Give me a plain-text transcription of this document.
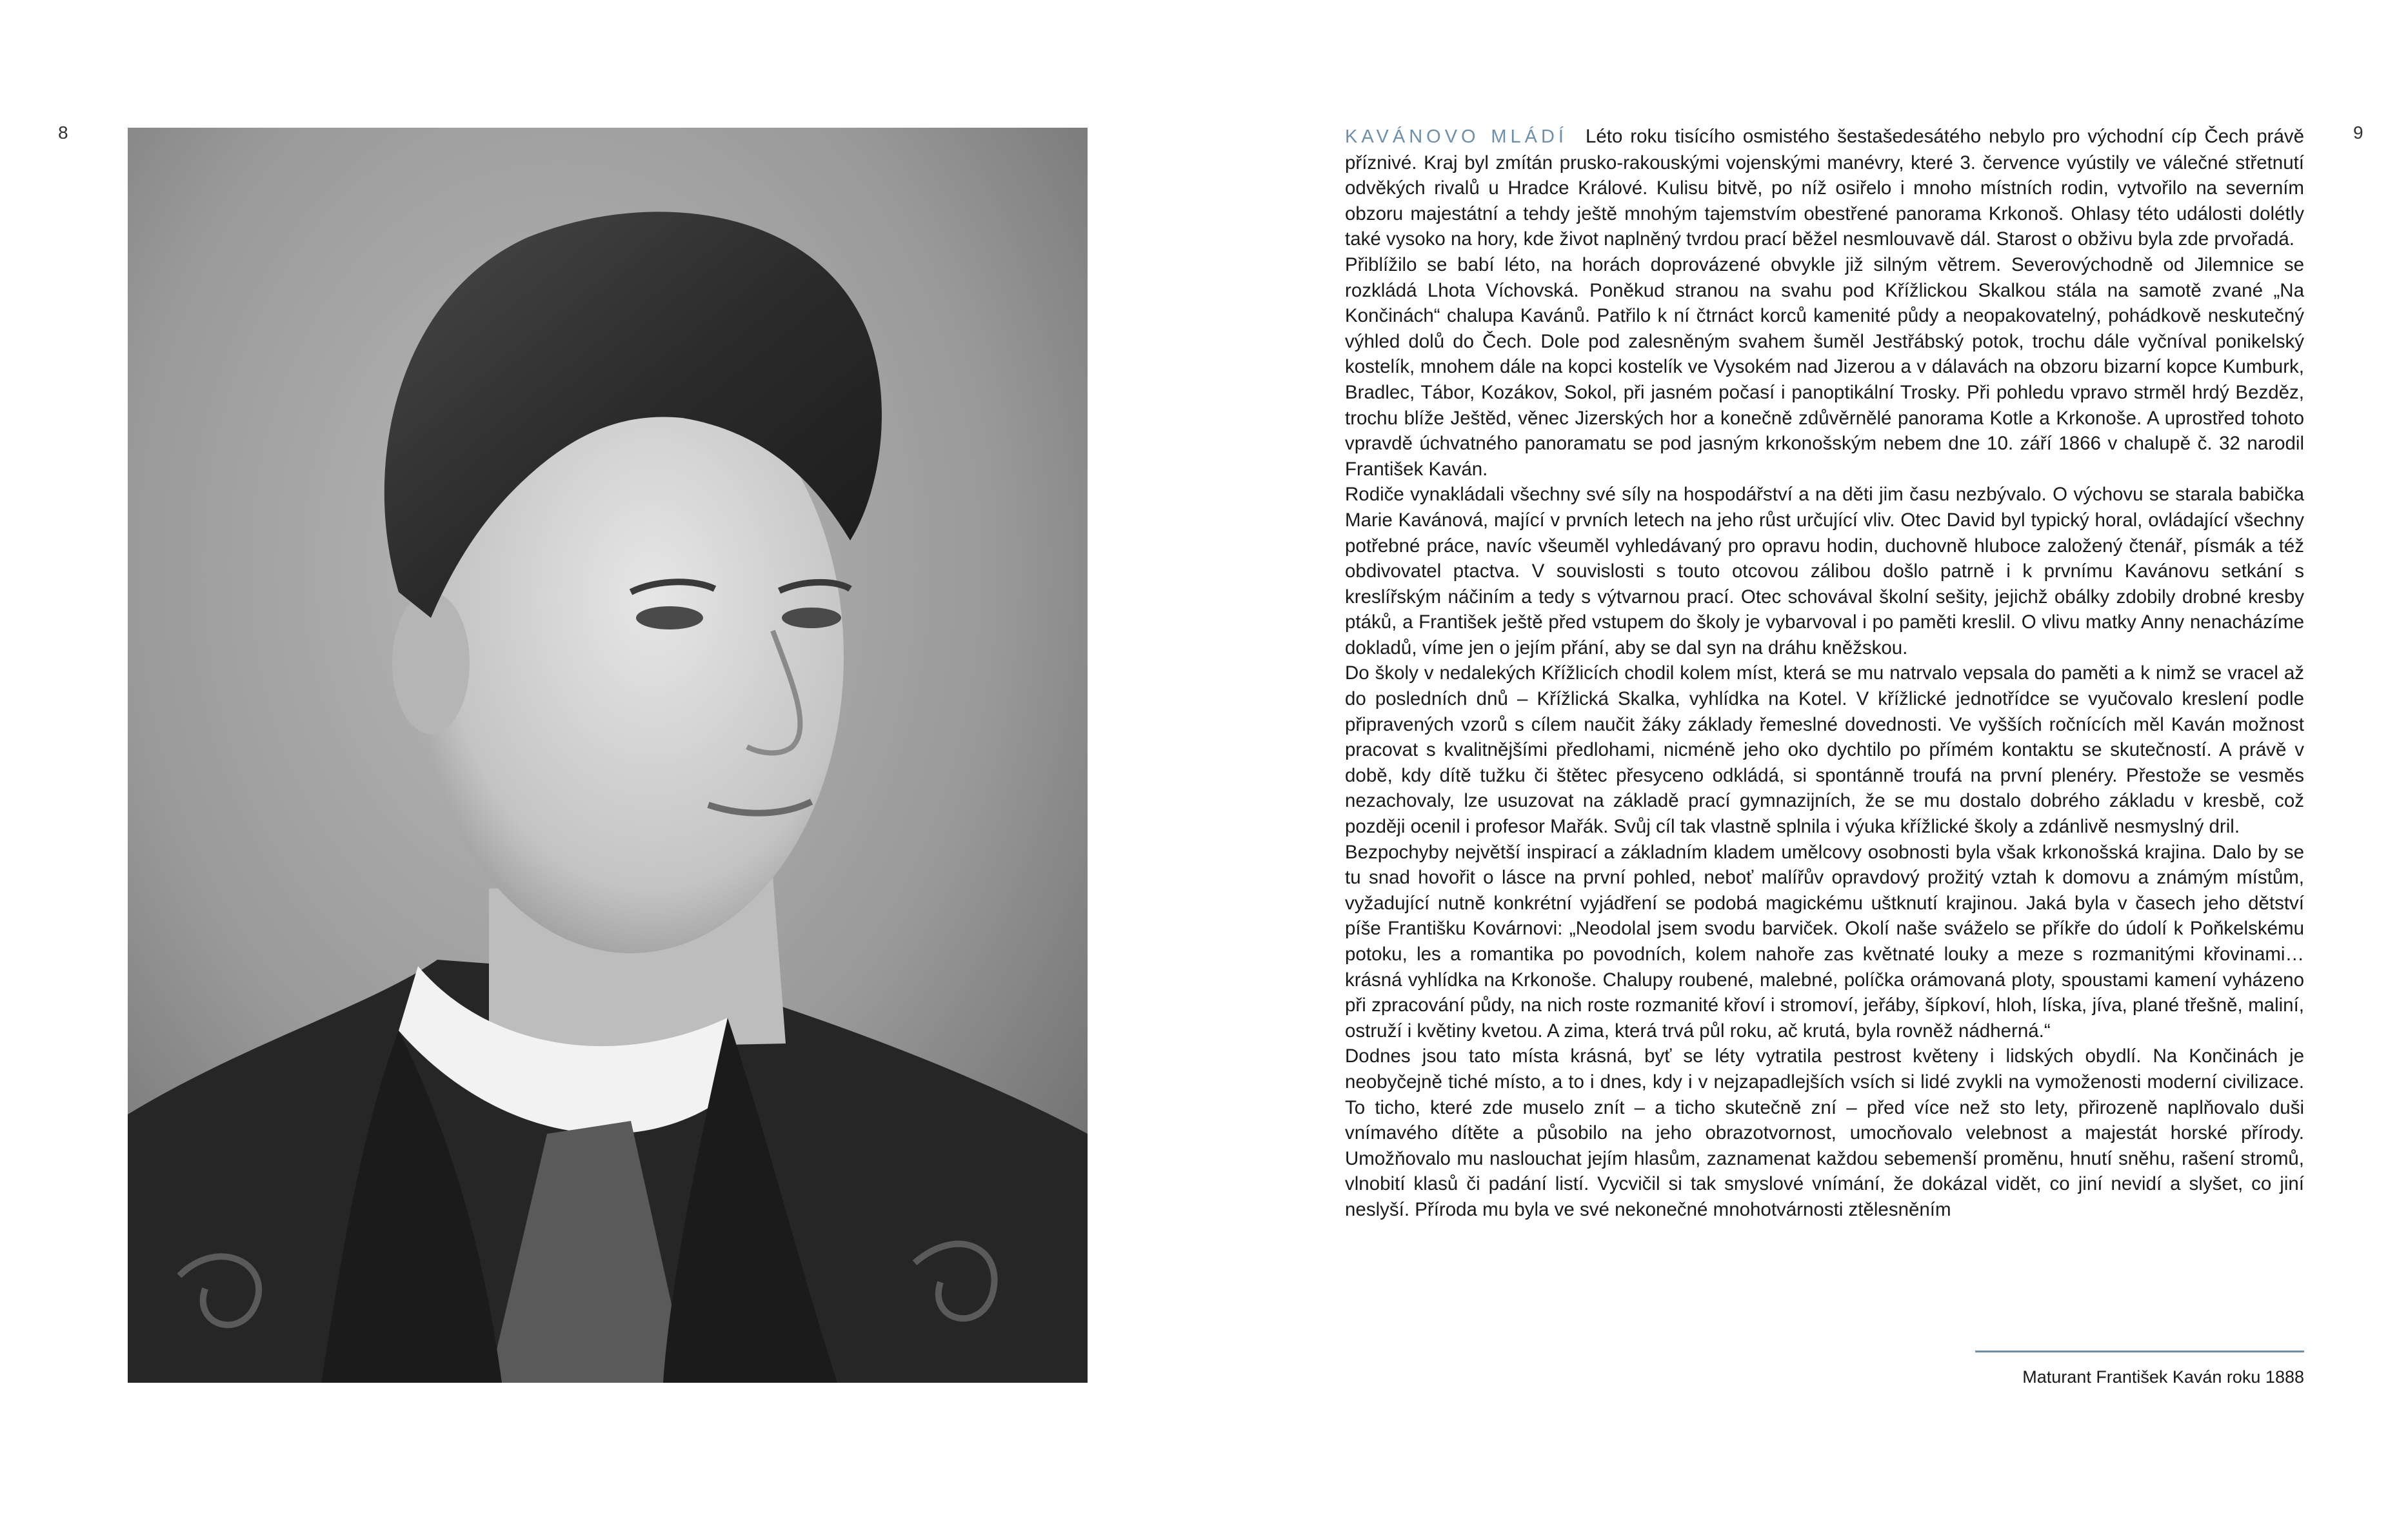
8	9

KAVÁNOVO MLÁDÍ Léto roku tisícího osmistého šestašedesátého nebylo pro východní cíp Čech právě příznivé. Kraj byl zmítán prusko-rakouskými vojenskými manévry, které 3. července vyústily ve válečné střetnutí odvěkých rivalů u Hradce Králové. Kulisu bitvě, po níž osiřelo i mnoho místních rodin, vytvořilo na severním obzoru majestátní a tehdy ještě mnohým tajemstvím obestřené panorama Krkonoš. Ohlasy této události dolétly také vysoko na hory, kde život naplněný tvrdou prací běžel nesmlouvavě dál. Starost o obživu byla zde prvořadá.

Přiblížilo se babí léto, na horách doprovázené obvykle již silným větrem. Severovýchodně od Jilemnice se rozkládá Lhota Víchovská. Poněkud stranou na svahu pod Křížlickou Skalkou stála na samotě zvané „Na Končinách“ chalupa Kavánů. Patřilo k ní čtrnáct korců kamenité půdy a neopakovatelný, pohádkově neskutečný výhled dolů do Čech. Dole pod zalesněným svahem šuměl Jestřábský potok, trochu dále vyčníval ponikelský kostelík, mnohem dále na kopci kostelík ve Vysokém nad Jizerou a v dálavách na obzoru bizarní kopce Kumburk, Bradlec, Tábor, Kozákov, Sokol, při jasném počasí i panoptikální Trosky. Při pohledu vpravo strměl hrdý Bezděz, trochu blíže Ještěd, věnec Jizerských hor a konečně zdůvěrnělé panorama Kotle a Krkonoše. A uprostřed tohoto vpravdě úchvatného panoramatu se pod jasným krkonošským nebem dne 10. září 1866 v chalupě č. 32 narodil František Kaván.

Rodiče vynakládali všechny své síly na hospodářství a na děti jim času nezbývalo. O výchovu se starala babička Marie Kavánová, mající v prvních letech na jeho růst určující vliv. Otec David byl typický horal, ovládající všechny potřebné práce, navíc všeuměl vyhledávaný pro opravu hodin, duchovně hluboce založený čtenář, písmák a též obdivovatel ptactva. V souvislosti s touto otcovou zálibou došlo patrně i k prvnímu Kavánovu setkání s kreslířským náčiním a tedy s výtvarnou prací. Otec schovával školní sešity, jejichž obálky zdobily drobné kresby ptáků, a František ještě před vstupem do školy je vybarvoval i po paměti kreslil. O vlivu matky Anny nenacházíme dokladů, víme jen o jejím přání, aby se dal syn na dráhu kněžskou.

Do školy v nedalekých Křížlicích chodil kolem míst, která se mu natrvalo vepsala do paměti a k nimž se vracel až do posledních dnů – Křížlická Skalka, vyhlídka na Kotel. V křížlické jednotřídce se vyučovalo kreslení podle připravených vzorů s cílem naučit žáky základy řemeslné dovednosti. Ve vyšších ročnících měl Kaván možnost pracovat s kvalitnějšími předlohami, nicméně jeho oko dychtilo po přímém kontaktu se skutečností. A právě v době, kdy dítě tužku či štětec přesyceno odkládá, si spontánně troufá na první plenéry. Přestože se vesměs nezachovaly, lze usuzovat na základě prací gymnazijních, že se mu dostalo dobrého základu v kresbě, což později ocenil i profesor Mařák. Svůj cíl tak vlastně splnila i výuka křížlické školy a zdánlivě nesmyslný dril.

Bezpochyby největší inspirací a základním kladem umělcovy osobnosti byla však krkonošská krajina. Dalo by se tu snad hovořit o lásce na první pohled, neboť malířův opravdový prožitý vztah k domovu a známým místům, vyžadující nutně konkrétní vyjádření se podobá magickému uštknutí krajinou. Jaká byla v časech jeho dětství píše Františku Kovárnovi: „Neodolal jsem svodu barviček. Okolí naše sváželo se příkře do údolí k Poňkelskému potoku, les a romantika po povodních, kolem nahoře zas květnaté louky a meze s rozmanitými křovinami… krásná vyhlídka na Krkonoše. Chalupy roubené, malebné, políčka orámovaná ploty, spoustami kamení vyházeno při zpracování půdy, na nich roste rozmanité křoví i stromoví, jeřáby, šípkoví, hloh, líska, jíva, plané třešně, maliní, ostruží i květiny kvetou. A zima, která trvá půl roku, ač krutá, byla rovněž nádherná.“

Dodnes jsou tato místa krásná, byť se léty vytratila pestrost květeny i lidských obydlí. Na Končinách je neobyčejně tiché místo, a to i dnes, kdy i v nejzapadlejších vsích si lidé zvykli na vymoženosti moderní civilizace. To ticho, které zde muselo znít – a ticho skutečně zní – před více než sto lety, přirozeně naplňovalo duši vnímavého dítěte a působilo na jeho obrazotvornost, umocňovalo velebnost a majestát horské přírody. Umožňovalo mu naslouchat jejím hlasům, zaznamenat každou sebemenší proměnu, hnutí sněhu, rašení stromů, vlnobití klasů či padání listí. Vycvičil si tak smyslové vnímání, že dokázal vidět, co jiní nevidí a slyšet, co jiní neslyší. Příroda mu byla ve své nekonečné mnohotvárnosti ztělesněním

Maturant František Kaván roku 1888
